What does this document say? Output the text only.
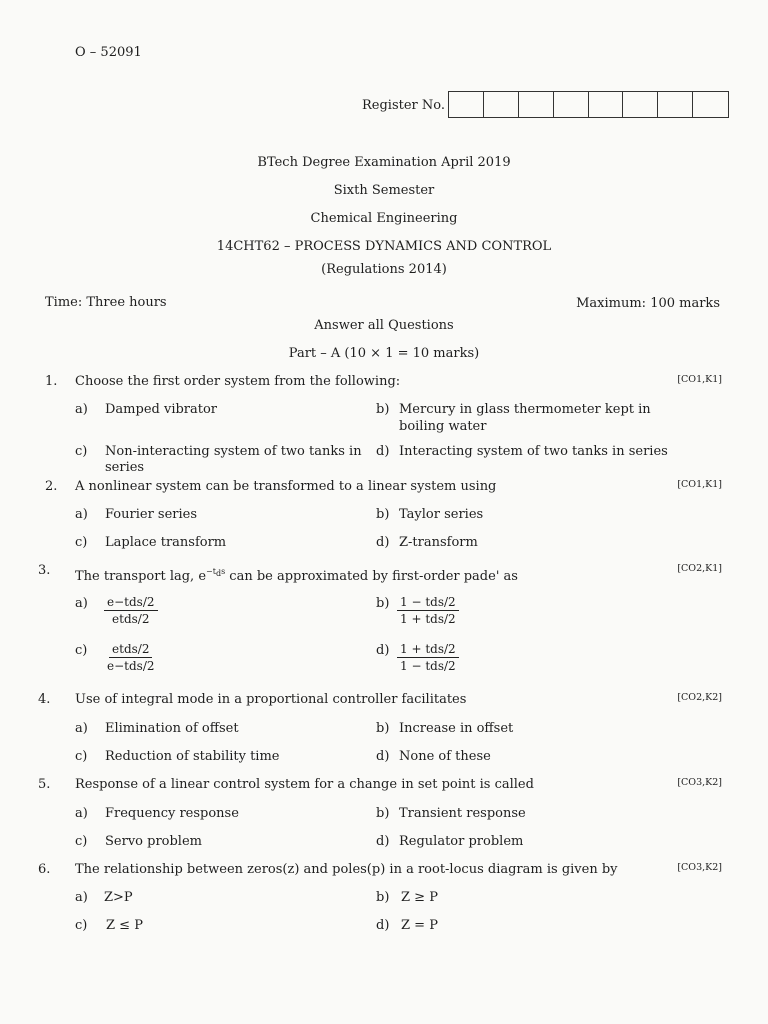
O – 52091
Register No.
BTech Degree Examination April 2019
Sixth Semester
Chemical Engineering
14CHT62 – PROCESS DYNAMICS AND CONTROL
(Regulations 2014)
Time: Three hours	Maximum: 100 marks
Answer all Questions
Part – A (10 × 1 = 10 marks)
1. Choose the first order system from the following:	[CO1,K1]
a) Damped vibrator	b) Mercury in glass thermometer kept in
boiling water
c) Non-interacting system of two tanks in
series
d) Interacting system of two tanks in series
2. A nonlinear system can be transformed to a linear system using	[CO1,K1]
a) Fourier series	b) Taylor series
c) Laplace transform	d) Z-transform
3. The transport lag, $e^{-t_ds}$ can be approximated by first-order pade' as
[CO2,K1]
a) e−tds/2
etds/2
b) 1 − tds/2
1 + tds/2
c) etds/2
e−tds/2
d) 1 + tds/2
1 − tds/2
4. Use of integral mode in a proportional controller facilitates	[CO2,K2]
a) Elimination of offset	b) Increase in offset
c) Reduction of stability time	d) None of these
5. Response of a linear control system for a change in set point is called	[CO3,K2]
a) Frequency response	b) Transient response
c) Servo problem	d) Regulator problem
6. The relationship between zeros(z) and poles(p) in a root-locus diagram is given by	[CO3,K2]
a) Z>P	b) Z ≥ P
c) Z ≤ P	d) Z = P
